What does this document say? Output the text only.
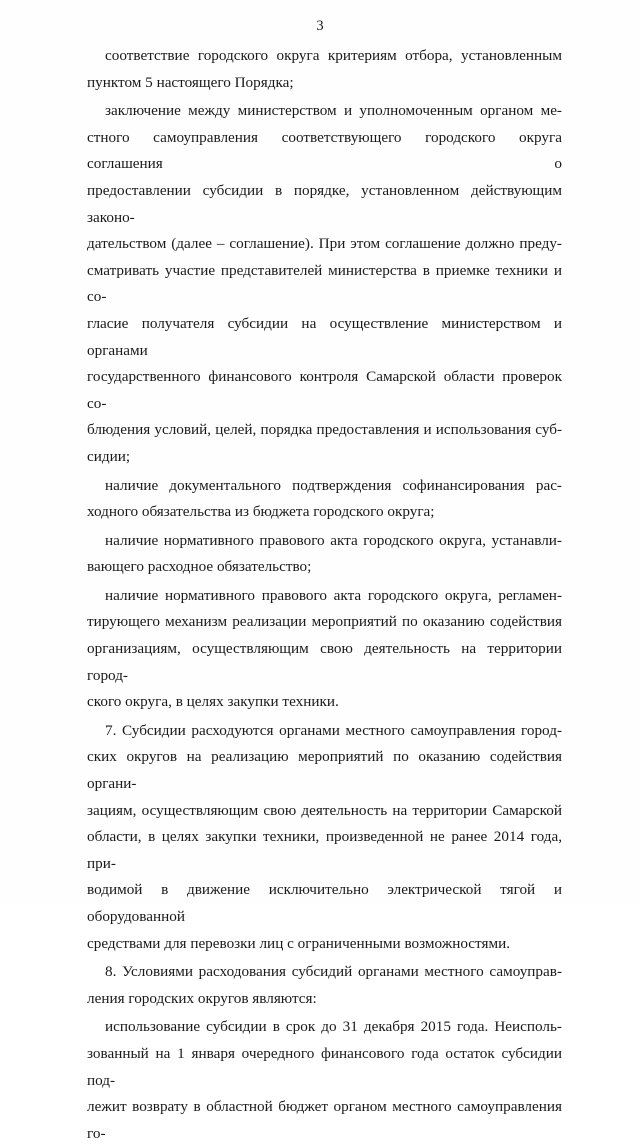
3
соответствие городского округа критериям отбора, установленным
пунктом 5 настоящего Порядка;
заключение между министерством и уполномоченным органом ме-
стного самоуправления соответствующего городского округа соглашения о
предоставлении субсидии в порядке, установленном действующим законо-
дательством (далее – соглашение). При этом соглашение должно преду-
сматривать участие представителей министерства в приемке техники и со-
гласие получателя субсидии на осуществление министерством и органами
государственного финансового контроля Самарской области проверок со-
блюдения условий, целей, порядка предоставления и использования суб-
сидии;
наличие документального подтверждения софинансирования рас-
ходного обязательства из бюджета городского округа;
наличие нормативного правового акта городского округа, устанавли-
вающего расходное обязательство;
наличие нормативного правового акта городского округа, регламен-
тирующего механизм реализации мероприятий по оказанию содействия
организациям, осуществляющим свою деятельность на территории город-
ского округа, в целях закупки техники.
7. Субсидии расходуются органами местного самоуправления город-
ских округов на реализацию мероприятий по оказанию содействия органи-
зациям, осуществляющим свою деятельность на территории Самарской
области, в целях закупки техники, произведенной не ранее 2014 года, при-
водимой в движение исключительно электрической тягой и оборудованной
средствами для перевозки лиц с ограниченными возможностями.
8. Условиями расходования субсидий органами местного самоуправ-
ления городских округов являются:
использование субсидии в срок до 31 декабря 2015 года. Неисполь-
зованный на 1 января очередного финансового года остаток субсидии под-
лежит возврату в областной бюджет органом местного самоуправления го-
